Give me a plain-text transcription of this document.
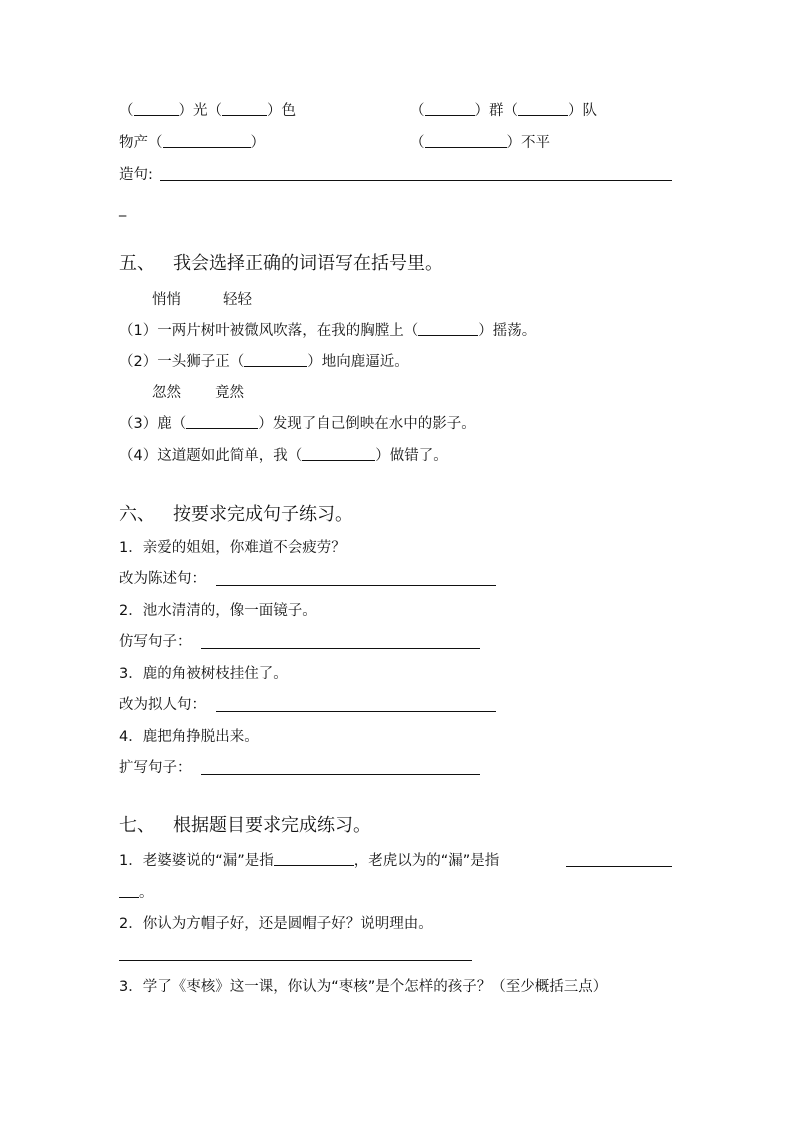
（	）光（	）色	（	）群（	）队
物产（	）	（	）不平
造句:
_
五、 我会选择正确的词语写在括号里。
悄悄	轻轻
（1）一两片树叶被微风吹落，在我的胸膛上（	）摇荡。
（2）一头狮子正（	）地向鹿逼近。
忽然 竟然
（3）鹿（	）发现了自己倒映在水中的影子。
（4）这道题如此简单，我（	）做错了。
六、 按要求完成句子练习。
1．亲爱的姐姐，你难道不会疲劳？
改为陈述句：
2．池水清清的，像一面镜子。
仿写句子：
3．鹿的角被树枝挂住了。
改为拟人句：
4．鹿把角挣脱出来。
扩写句子：
七、 根据题目要求完成练习。
1．老婆婆说的“漏”是指	，老虎以为的“漏”是指
。
2．你认为方帽子好，还是圆帽子好？说明理由。
3．学了《枣核》这一课，你认为“枣核”是个怎样的孩子？（至少概括三点）
